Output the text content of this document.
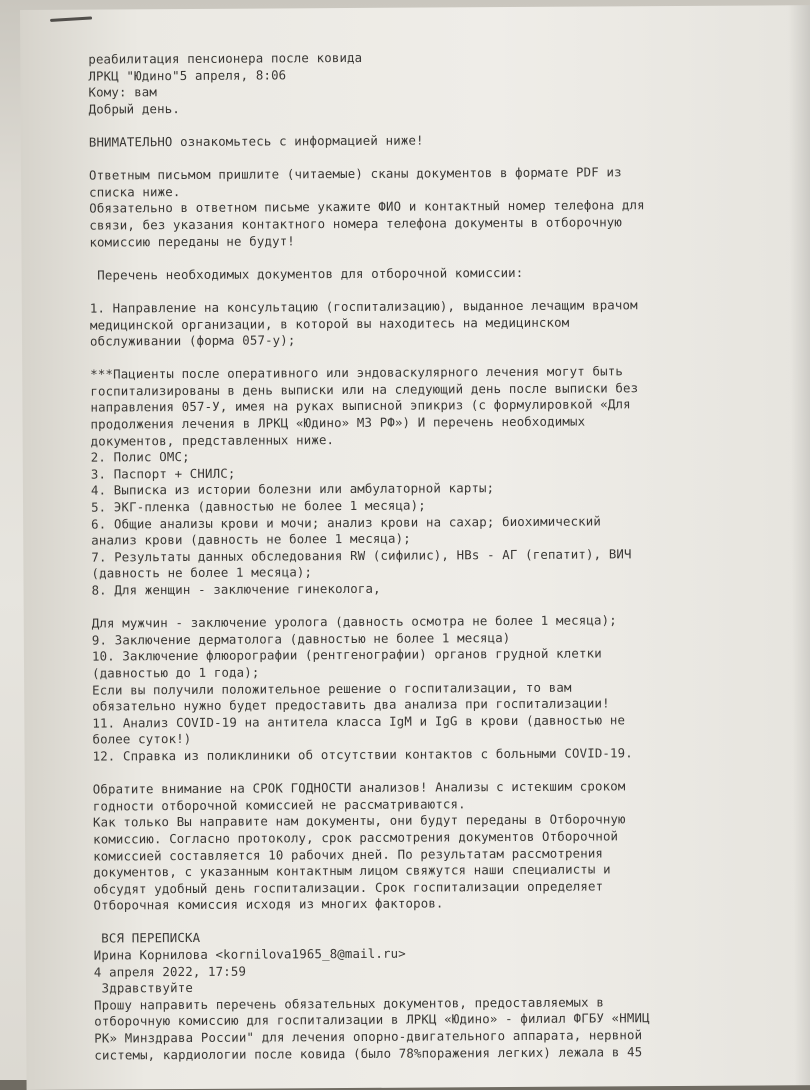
реабилитация пенсионера после ковида
ЛРКЦ "Юдино"5 апреля, 8:06
Кому: вам
Добрый день.
ВНИМАТЕЛЬНО ознакомьтесь с информацией ниже!
Ответным письмом пришлите (читаемые) сканы документов в формате PDF из
списка ниже.
Обязательно в ответном письме укажите ФИО и контактный номер телефона для
связи, без указания контактного номера телефона документы в отборочную
комиссию переданы не будут!
Перечень необходимых документов для отборочной комиссии:
1. Направление на консультацию (госпитализацию), выданное лечащим врачом
медицинской организации, в которой вы находитесь на медицинском
обслуживании (форма 057-у);
***Пациенты после оперативного или эндоваскулярного лечения могут быть
госпитализированы в день выписки или на следующий день после выписки без
направления 057-У, имея на руках выписной эпикриз (с формулировкой «Для
продолжения лечения в ЛРКЦ «Юдино» МЗ РФ») И перечень необходимых
документов, представленных ниже.
2. Полис ОМС;
3. Паспорт + СНИЛС;
4. Выписка из истории болезни или амбулаторной карты;
5. ЭКГ-пленка (давностью не более 1 месяца);
6. Общие анализы крови и мочи; анализ крови на сахар; биохимический
анализ крови (давность не более 1 месяца);
7. Результаты данных обследования RW (сифилис), HBs - АГ (гепатит), ВИЧ
(давность не более 1 месяца);
8. Для женщин - заключение гинеколога,
Для мужчин - заключение уролога (давность осмотра не более 1 месяца);
9. Заключение дерматолога (давностью не более 1 месяца)
10. Заключение флюорографии (рентгенографии) органов грудной клетки
(давностью до 1 года);
Если вы получили положительное решение о госпитализации, то вам
обязательно нужно будет предоставить два анализа при госпитализации!
11. Анализ COVID-19 на антитела класса IgM и IgG в крови (давностью не
более суток!)
12. Справка из поликлиники об отсутствии контактов с больными COVID-19.
Обратите внимание на СРОК ГОДНОСТИ анализов! Анализы с истекшим сроком
годности отборочной комиссией не рассматриваются.
Как только Вы направите нам документы, они будут переданы в Отборочную
комиссию. Согласно протоколу, срок рассмотрения документов Отборочной
комиссией составляется 10 рабочих дней. По результатам рассмотрения
документов, с указанным контактным лицом свяжутся наши специалисты и
обсудят удобный день госпитализации. Срок госпитализации определяет
Отборочная комиссия исходя из многих факторов.
ВСЯ ПЕРЕПИСКА
Ирина Корнилова <kornilova1965_8@mail.ru>
4 апреля 2022, 17:59
Здравствуйте
Прошу направить перечень обязательных документов, предоставляемых в
отборочную комиссию для госпитализации в ЛРКЦ «Юдино» - филиал ФГБУ «НМИЦ
РК» Минздрава России" для лечения опорно-двигательного аппарата, нервной
системы, кардиологии после ковида (было 78%поражения легких) лежала в 45
